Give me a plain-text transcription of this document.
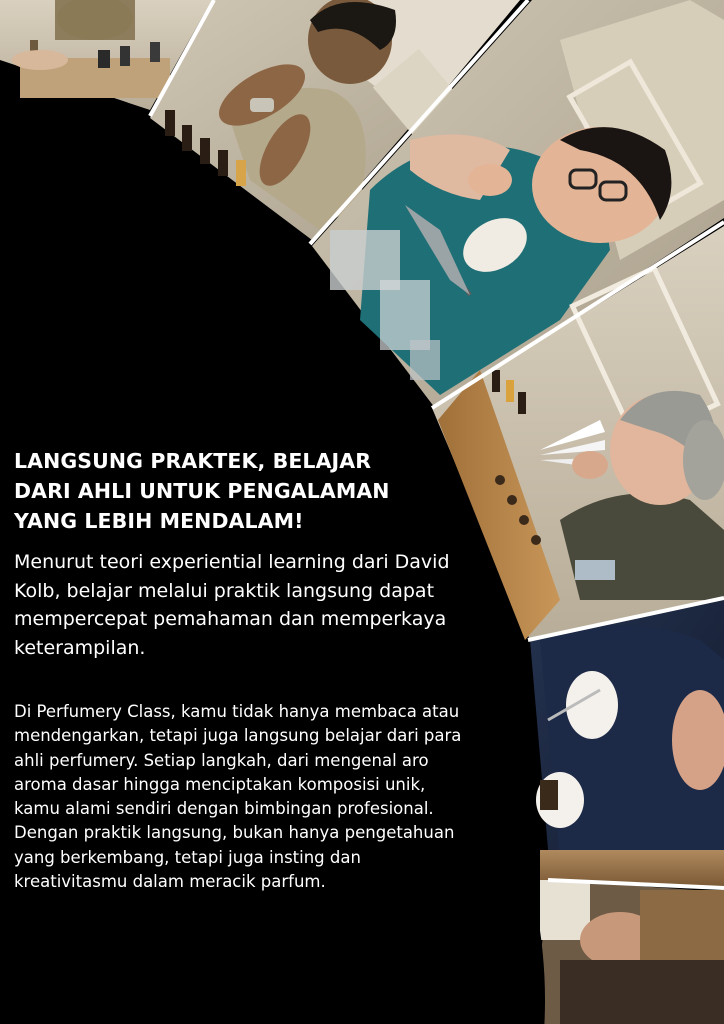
LANGSUNG PRAKTEK, BELAJAR DARI AHLI UNTUK PENGALAMAN YANG LEBIH MENDALAM!

Menurut teori experiential learning dari David Kolb, belajar melalui praktik langsung dapat mempercepat pemahaman dan memperkaya keterampilan.

Di Perfumery Class, kamu tidak hanya membaca atau mendengarkan, tetapi juga langsung belajar dari para ahli perfumery. Setiap langkah, dari mengenal aro aroma dasar hingga menciptakan komposisi unik, kamu alami sendiri dengan bimbingan profesional. Dengan praktik langsung, bukan hanya pengetahuan yang berkembang, tetapi juga insting dan kreativitasmu dalam meracik parfum.
